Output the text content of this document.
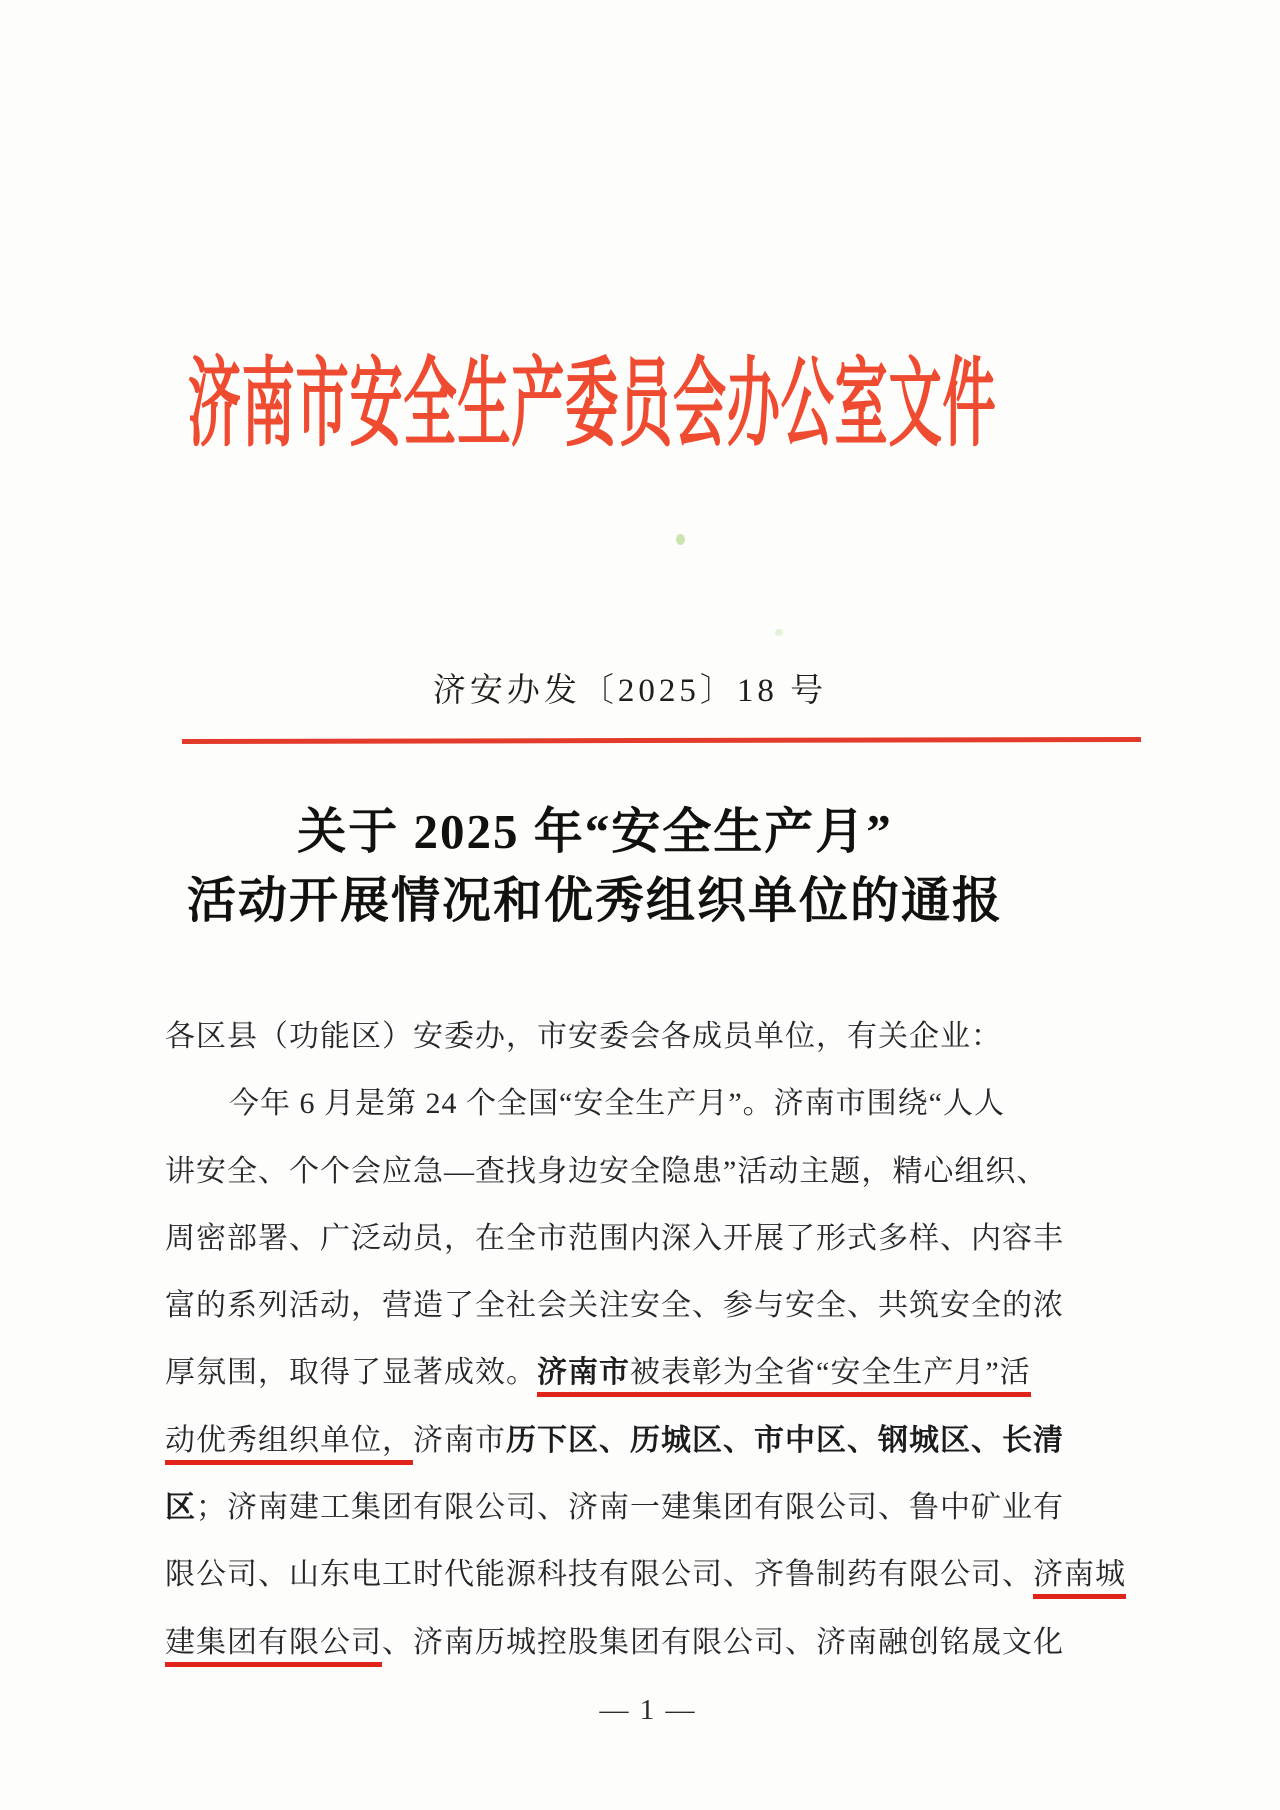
济南市安全生产委员会办公室文件
济安办发〔2025〕18 号
关于 2025 年“安全生产月”
活动开展情况和优秀组织单位的通报
各区县（功能区）安委办，市安委会各成员单位，有关企业：
今年 6 月是第 24 个全国“安全生产月”。济南市围绕“人人
讲安全、个个会应急—查找身边安全隐患”活动主题，精心组织、
周密部署、广泛动员，在全市范围内深入开展了形式多样、内容丰
富的系列活动，营造了全社会关注安全、参与安全、共筑安全的浓
厚氛围，取得了显著成效。济南市被表彰为全省“安全生产月”活
动优秀组织单位，济南市历下区、历城区、市中区、钢城区、长清
区；济南建工集团有限公司、济南一建集团有限公司、鲁中矿业有
限公司、山东电工时代能源科技有限公司、齐鲁制药有限公司、济南城
建集团有限公司、济南历城控股集团有限公司、济南融创铭晟文化
— 1 —
